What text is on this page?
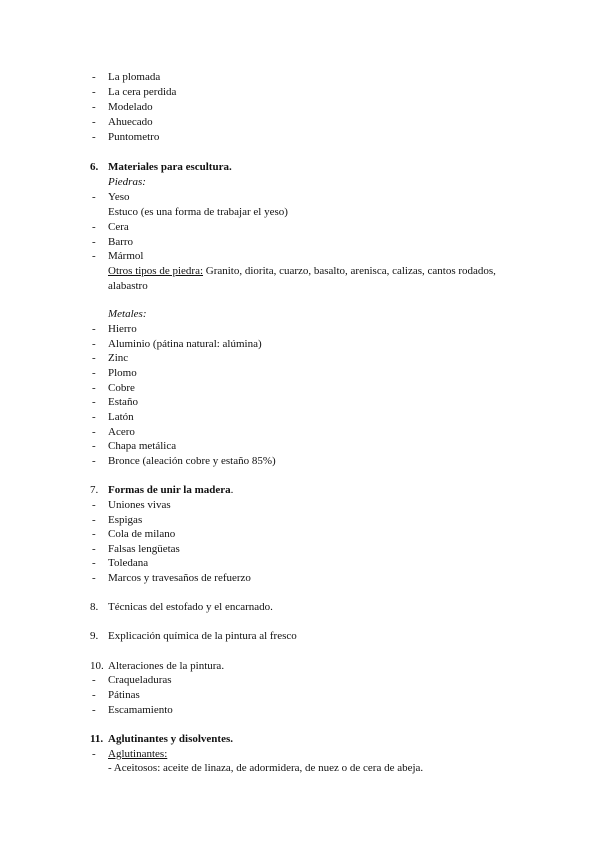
- La plomada
- La cera perdida
- Modelado
- Ahuecado
- Puntometro
6. Materiales para escultura.
Piedras:
- Yeso
Estuco (es una forma de trabajar el yeso)
- Cera
- Barro
- Mármol
Otros tipos de piedra: Granito, diorita, cuarzo, basalto, arenisca, calizas, cantos rodados,
alabastro
Metales:
- Hierro
- Aluminio (pátina natural: alúmina)
- Zinc
- Plomo
- Cobre
- Estaño
- Latón
- Acero
- Chapa metálica
- Bronce (aleación cobre y estaño 85%)
7. Formas de unir la madera.
- Uniones vivas
- Espigas
- Cola de milano
- Falsas lengüetas
- Toledana
- Marcos y travesaños de refuerzo
8. Técnicas del estofado y el encarnado.
9. Explicación química de la pintura al fresco
10. Alteraciones de la pintura.
- Craqueladuras
- Pátinas
- Escamamiento
11. Aglutinantes y disolventes.
- Aglutinantes:
- Aceitosos: aceite de linaza, de adormidera, de nuez o de cera de abeja.
